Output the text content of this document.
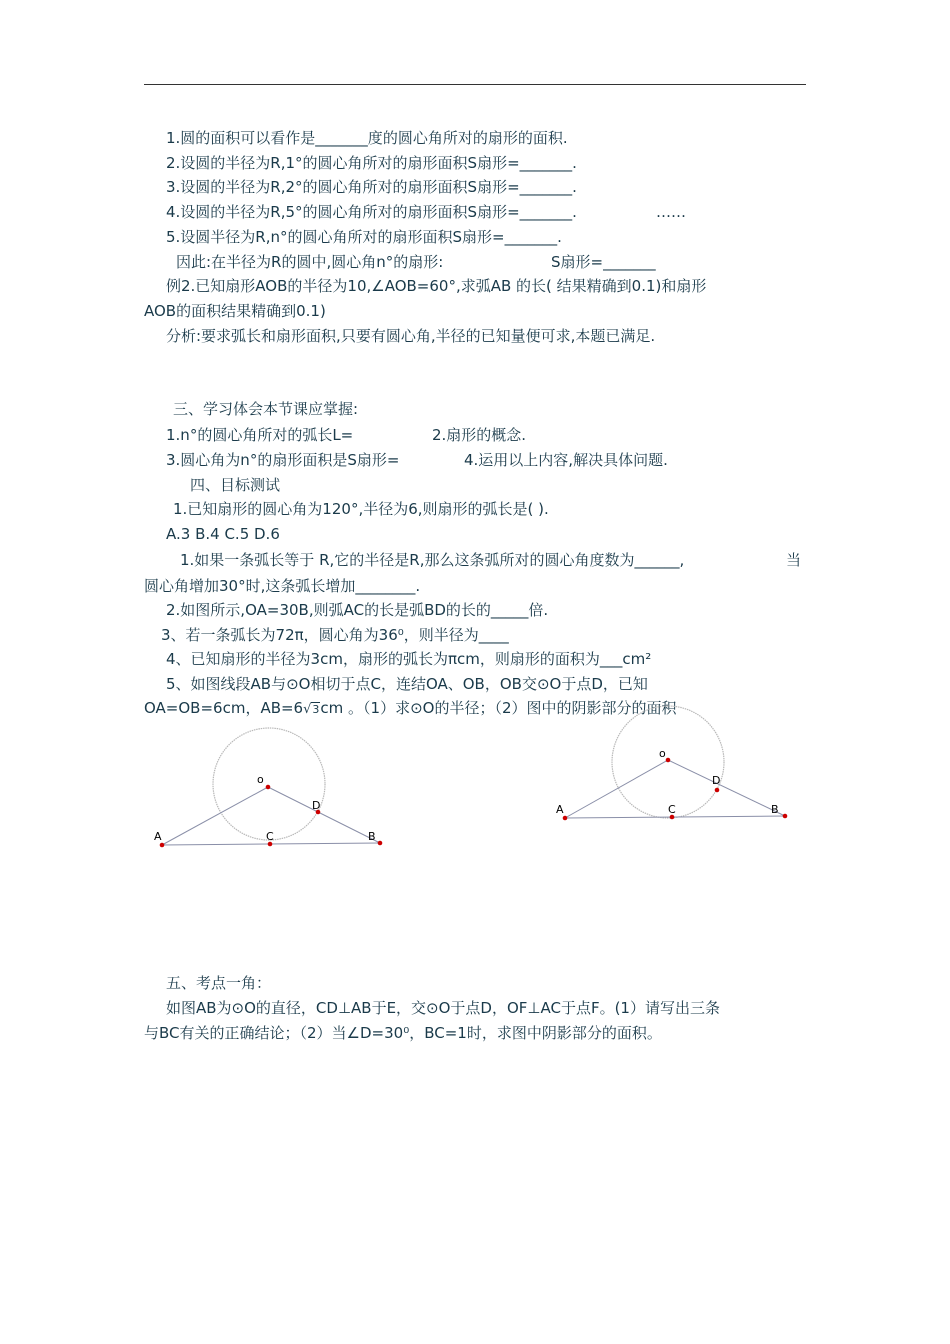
1.圆的面积可以看作是_______度的圆心角所对的扇形的面积.
2.设圆的半径为R,1°的圆心角所对的扇形面积S扇形=_______.
3.设圆的半径为R,2°的圆心角所对的扇形面积S扇形=_______.
4.设圆的半径为R,5°的圆心角所对的扇形面积S扇形=_______.	……
5.设圆半径为R,n°的圆心角所对的扇形面积S扇形=_______.
因此:在半径为R的圆中,圆心角n°的扇形:	S扇形=_______
例2.已知扇形AOB的半径为10,∠AOB=60°,求弧AB 的长( 结果精确到0.1)和扇形
AOB的面积结果精确到0.1)
分析:要求弧长和扇形面积,只要有圆心角,半径的已知量便可求,本题已满足.
三、学习体会本节课应掌握:
1.n°的圆心角所对的弧长L=	2.扇形的概念.
3.圆心角为n°的扇形面积是S扇形=	4.运用以上内容,解决具体问题.
四、目标测试
1.已知扇形的圆心角为120°,半径为6,则扇形的弧长是( ).
A.3 B.4 C.5 D.6
1.如果一条弧长等于 R,它的半径是R,那么这条弧所对的圆心角度数为______,	当
圆心角增加30°时,这条弧长增加________.
2.如图所示,OA=30B,则弧AC的长是弧BD的长的_____倍.
3、若一条弧长为72π，圆心角为36⁰，则半径为____
4、已知扇形的半径为3cm，扇形的弧长为πcm，则扇形的面积为___cm²
5、如图线段AB与⊙O相切于点C，连结OA、OB，OB交⊙O于点D，已知
OA=OB=6cm，AB=6√3cm 。（1）求⊙O的半径；（2）图中的阴影部分的面积
o
D
A	C	B
o
D
A	C	B
五、考点一角：
如图AB为⊙O的直径，CD⊥AB于E，交⊙O于点D，OF⊥AC于点F。(1）请写出三条
与BC有关的正确结论；（2）当∠D=30⁰，BC=1时，求图中阴影部分的面积。
